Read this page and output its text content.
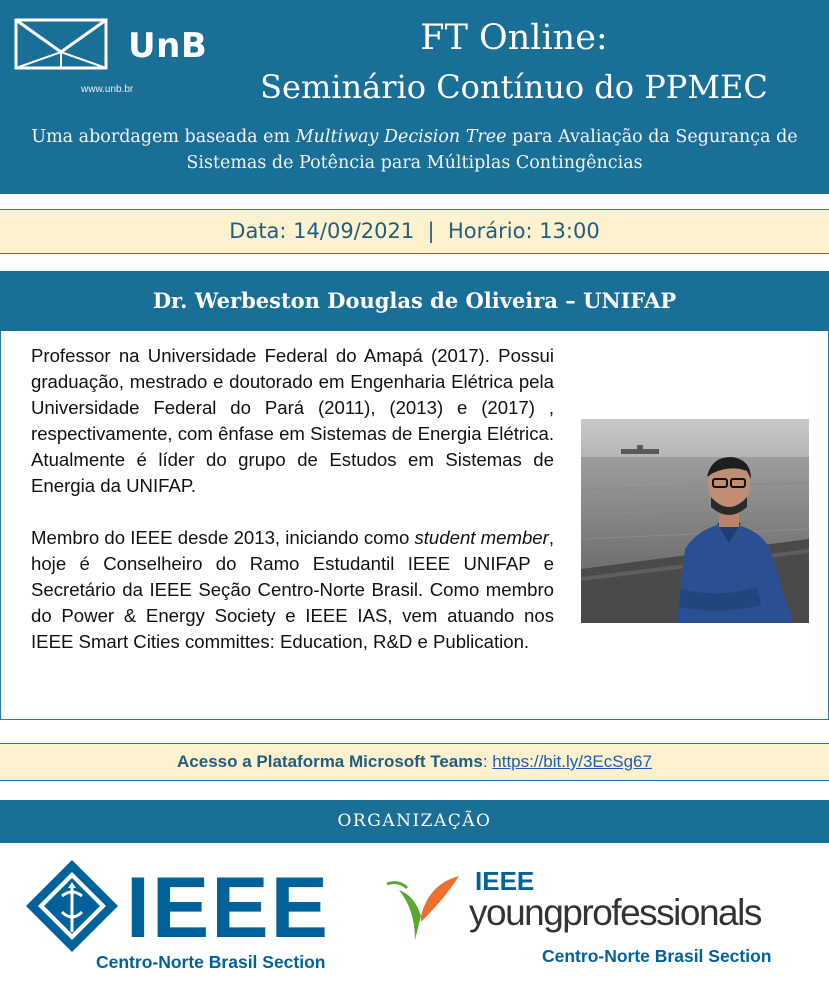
UnB
www.unb.br
FT Online:
Seminário Contínuo do PPMEC
Uma abordagem baseada em Multiway Decision Tree para Avaliação da Segurança de Sistemas de Potência para Múltiplas Contingências
Data: 14/09/2021  |  Horário: 13:00
Dr. Werbeston Douglas de Oliveira – UNIFAP

Professor na Universidade Federal do Amapá (2017). Possui graduação, mestrado e doutorado em Engenharia Elétrica pela Universidade Federal do Pará (2011), (2013) e (2017) , respectivamente, com ênfase em Sistemas de Energia Elétrica. Atualmente é líder do grupo de Estudos em Sistemas de Energia da UNIFAP.

Membro do IEEE desde 2013, iniciando como student member, hoje é Conselheiro do Ramo Estudantil IEEE UNIFAP e Secretário da IEEE Seção Centro-Norte Brasil. Como membro do Power & Energy Society e IEEE IAS, vem atuando nos IEEE Smart Cities committes: Education, R&D e Publication.

Acesso a Plataforma Microsoft Teams: https://bit.ly/3EcSg67
ORGANIZAÇÃO
IEEE
Centro-Norte Brasil Section
IEEE
youngprofessionals
Centro-Norte Brasil Section
